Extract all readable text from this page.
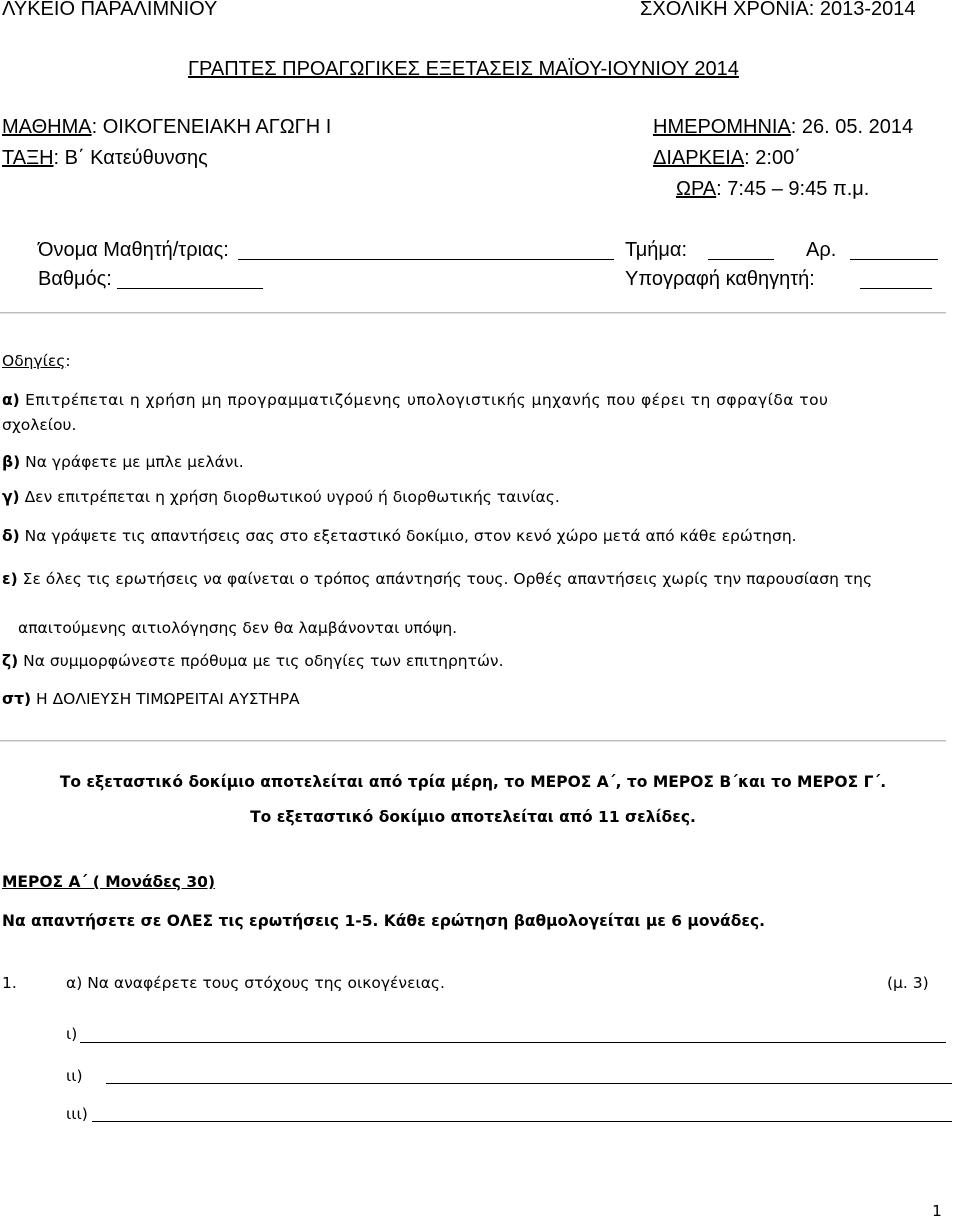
ΛΥΚΕΙΟ ΠΑΡΑΛΙΜΝΙΟΥ	ΣΧΟΛΙΚΗ ΧΡΟΝΙΑ: 2013-2014
ΓΡΑΠΤΕΣ ΠΡΟΑΓΩΓΙΚΕΣ ΕΞΕΤΑΣΕΙΣ ΜΑΪΟΥ-ΙΟΥΝΙΟΥ 2014
ΜΑΘΗΜΑ: ΟΙΚΟΓΕΝΕΙΑΚΗ ΑΓΩΓΗ Ι	ΗΜΕΡΟΜΗΝΙΑ: 26. 05. 2014
ΤΑΞΗ: Β΄ Κατεύθυνσης	ΔΙΑΡΚΕΙΑ: 2:00΄
ΩΡΑ: 7:45 – 9:45 π.μ.
Όνομα Μαθητή/τριας:	Τμήμα:	Αρ.
Βαθμός:	Υπογραφή καθηγητή:
Οδηγίες:
α) Επιτρέπεται η χρήση μη προγραμματιζόμενης υπολογιστικής μηχανής που φέρει τη σφραγίδα του
σχολείου.
β) Να γράφετε με μπλε μελάνι.
γ) Δεν επιτρέπεται η χρήση διορθωτικού υγρού ή διορθωτικής ταινίας.
δ) Να γράψετε τις απαντήσεις σας στο εξεταστικό δοκίμιο, στον κενό χώρο μετά από κάθε ερώτηση.
ε) Σε όλες τις ερωτήσεις να φαίνεται ο τρόπος απάντησής τους. Ορθές απαντήσεις χωρίς την παρουσίαση της
απαιτούμενης αιτιολόγησης δεν θα λαμβάνονται υπόψη.
ζ) Να συμμορφώνεστε πρόθυμα με τις οδηγίες των επιτηρητών.
στ) Η ΔΟΛΙΕΥΣΗ ΤΙΜΩΡΕΙΤΑΙ ΑΥΣΤΗΡΑ
Το εξεταστικό δοκίμιο αποτελείται από τρία μέρη, το ΜΕΡΟΣ Α΄, το ΜΕΡΟΣ Β΄και το ΜΕΡΟΣ Γ΄.
Το εξεταστικό δοκίμιο αποτελείται από 11 σελίδες.
ΜΕΡΟΣ Α΄ ( Μονάδες 30)
Να απαντήσετε σε ΟΛΕΣ τις ερωτήσεις 1-5. Κάθε ερώτηση βαθμολογείται με 6 μονάδες.
1.	α) Να αναφέρετε τους στόχους της οικογένειας.	(μ. 3)
ι)
ιι)
ιιι)
1
